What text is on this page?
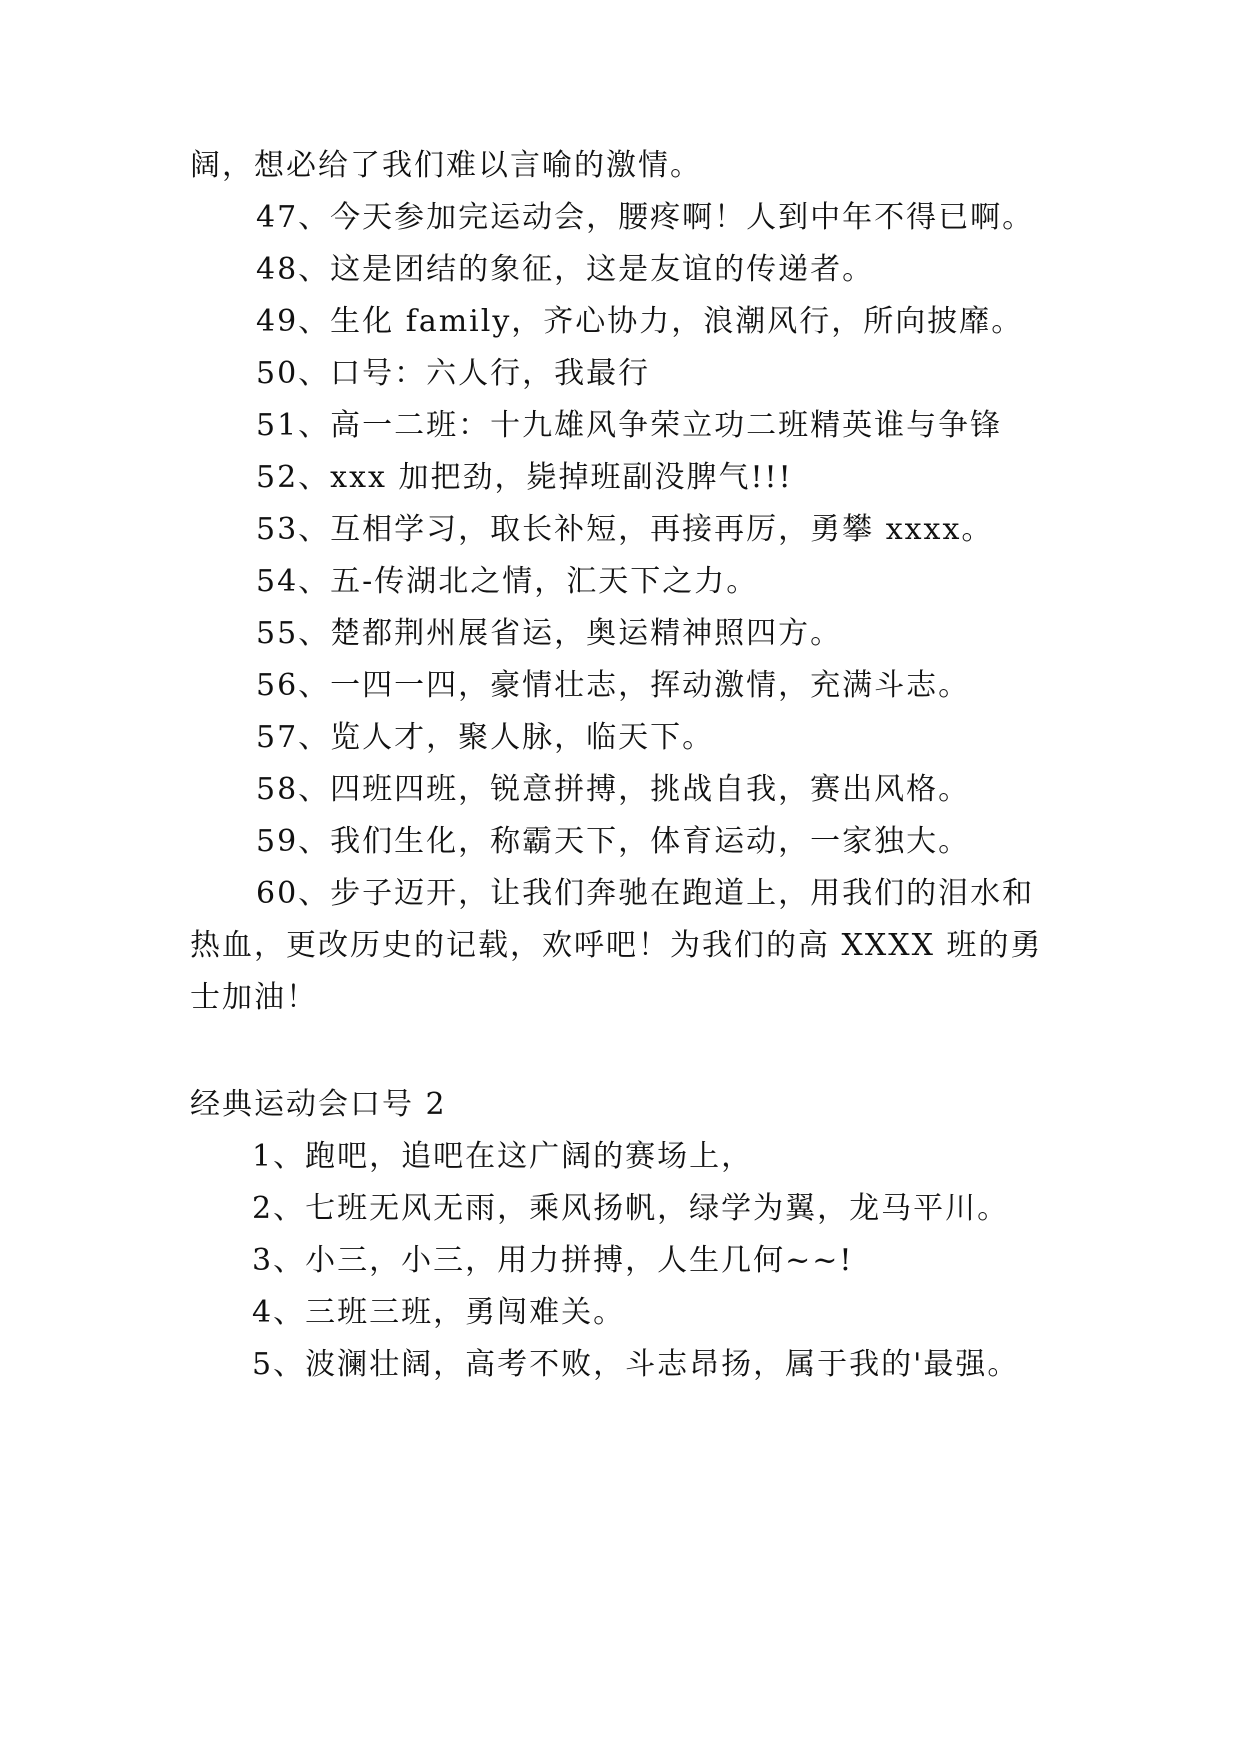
阔，想必给了我们难以言喻的激情。
47、今天参加完运动会，腰疼啊！人到中年不得已啊。
48、这是团结的象征，这是友谊的传递者。
49、生化 family，齐心协力，浪潮风行，所向披靡。
50、口号：六人行，我最行
51、高一二班：十九雄风争荣立功二班精英谁与争锋
52、xxx 加把劲，毙掉班副没脾气!!!
53、互相学习，取长补短，再接再厉，勇攀 xxxx。
54、五-传湖北之情，汇天下之力。
55、楚都荆州展省运，奥运精神照四方。
56、一四一四，豪情壮志，挥动激情，充满斗志。
57、览人才，聚人脉，临天下。
58、四班四班，锐意拼搏，挑战自我，赛出风格。
59、我们生化，称霸天下，体育运动，一家独大。
60、步子迈开，让我们奔驰在跑道上，用我们的泪水和
热血，更改历史的记载，欢呼吧！为我们的高 XXXX 班的勇
士加油！
经典运动会口号 2
1、跑吧，追吧在这广阔的赛场上，
2、七班无风无雨，乘风扬帆，绿学为翼，龙马平川。
3、小三，小三，用力拼搏，人生几何~~!
4、三班三班，勇闯难关。
5、波澜壮阔，高考不败，斗志昂扬，属于我的'最强。
